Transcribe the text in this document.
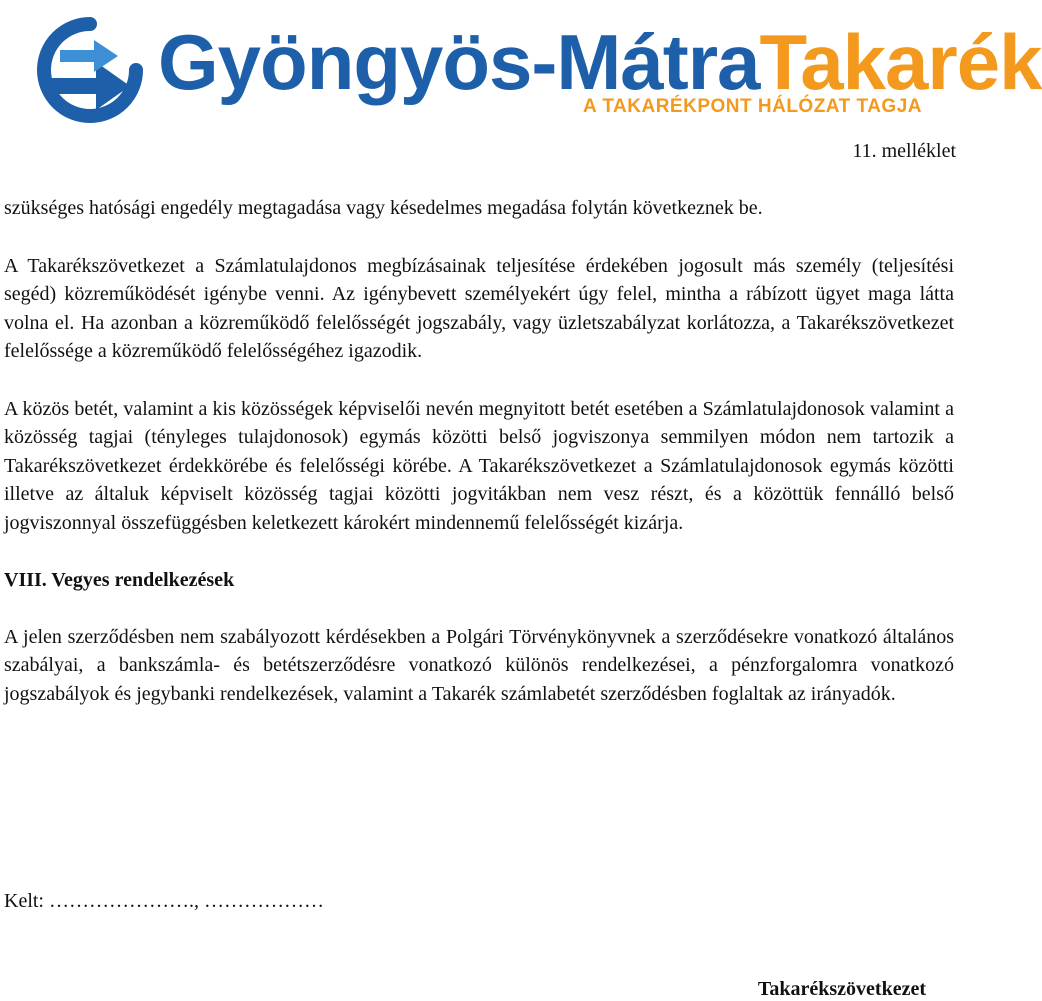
Gyöngyös-MátraTakarék
A TAKARÉKPONT HÁLÓZAT TAGJA
11. melléklet

szükséges hatósági engedély megtagadása vagy késedelmes megadása folytán következnek be.

A Takarékszövetkezet a Számlatulajdonos megbízásainak teljesítése érdekében jogosult más személy (teljesítési segéd) közreműködését igénybe venni. Az igénybevett személyekért úgy felel, mintha a rábízott ügyet maga látta volna el. Ha azonban a közreműködő felelősségét jogszabály, vagy üzletszabályzat korlátozza, a Takarékszövetkezet felelőssége a közreműködő felelősségéhez igazodik.

A közös betét, valamint a kis közösségek képviselői nevén megnyitott betét esetében a Számlatulajdonosok valamint a közösség tagjai (tényleges tulajdonosok) egymás közötti belső jogviszonya semmilyen módon nem tartozik a Takarékszövetkezet érdekkörébe és felelősségi körébe. A Takarékszövetkezet a Számlatulajdonosok egymás közötti illetve az általuk képviselt közösség tagjai közötti jogvitákban nem vesz részt, és a közöttük fennálló belső jogviszonnyal összefüggésben keletkezett károkért mindennemű felelősségét kizárja.

VIII. Vegyes rendelkezések

A jelen szerződésben nem szabályozott kérdésekben a Polgári Törvénykönyvnek a szerződésekre vonatkozó általános szabályai, a bankszámla- és betétszerződésre vonatkozó különös rendelkezései, a pénzforgalomra vonatkozó jogszabályok és jegybanki rendelkezések, valamint a Takarék számlabetét szerződésben foglaltak az irányadók.

Kelt: …………………., ………………
Takarékszövetkezet
